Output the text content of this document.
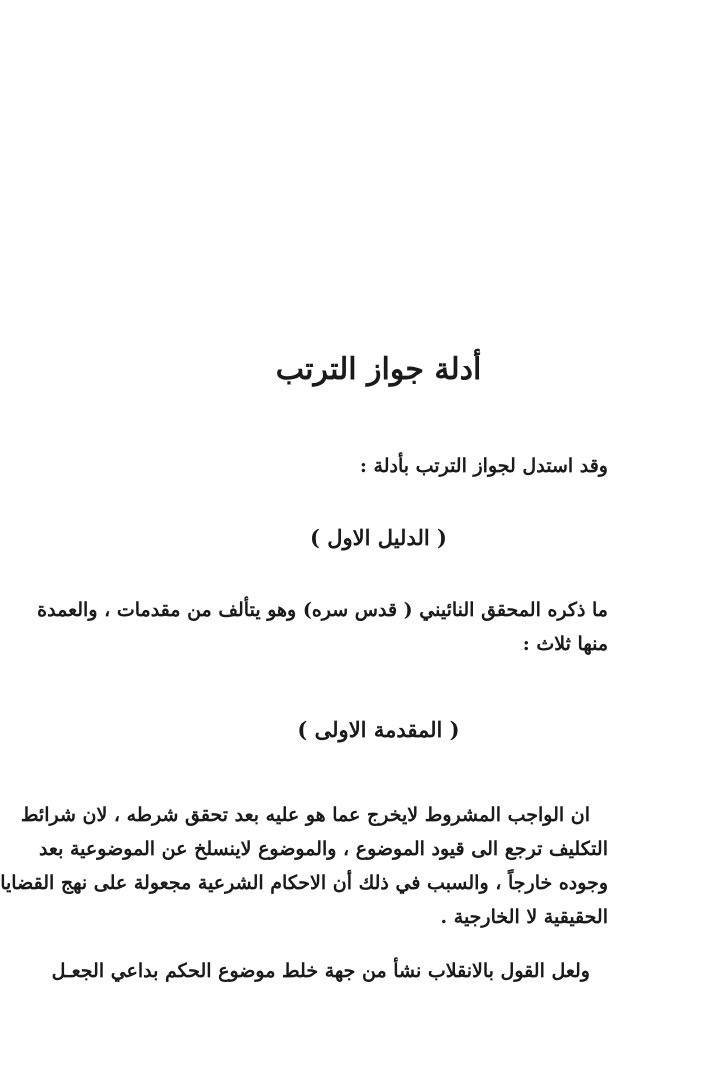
أدلة جواز الترتب

وقد استدل لجواز الترتب بأدلة :

( الدليل الاول )
ما ذكره المحقق النائيني ( قدس سره) وهو يتألف من مقدمات ، والعمدة
منها ثلاث :
( المقدمة الاولى )
ان الواجب المشروط لايخرج عما هو عليه بعد تحقق شرطه ، لان شرائط
التكليف ترجع الى قيود الموضوع ، والموضوع لاينسلخ عن الموضوعية بعد
وجوده خارجاً ، والسبب في ذلك أن الاحكام الشرعية مجعولة على نهج القضايا
الحقيقية لا الخارجية .
ولعل القول بالانقلاب نشأ من جهة خلط موضوع الحكم بداعي الجعـل
